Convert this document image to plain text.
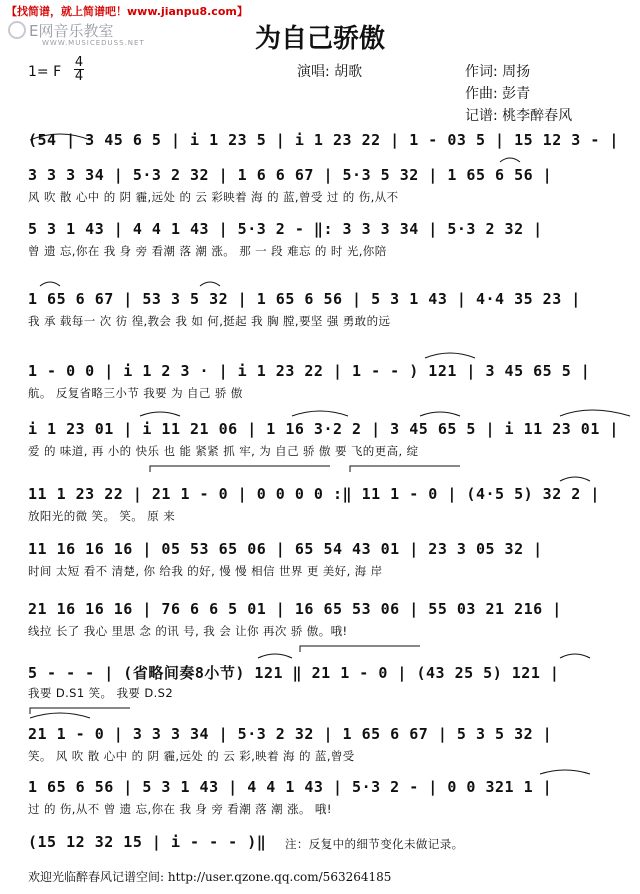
【找简谱，就上简谱吧！www.jianpu8.com】
E网音乐教室
WWW.MUSICEDUSS.NET	为自己骄傲
1= F
4
4	演唱: 胡歌	作词: 周扬
作曲: 彭青
记谱: 桃李醉春风
(54 | 3 45 6 5 | i 1 23 5 | i 1 23 22 | 1 - 03 5 | 15 12 3 - |
3 3 3 34 | 5·3 2 32 | 1 6 6 67 | 5·3 5 32 | 1 65 6 56 |
风 吹 散 心中 的 阴 霾,远处 的 云 彩映着 海 的 蓝,曾受 过 的 伤,从不
5 3 1 43 | 4 4 1 43 | 5·3 2 - ‖: 3 3 3 34 | 5·3 2 32 |
曾 遗 忘,你在 我 身 旁 看潮 落 潮 涨。 那 一 段 难忘 的 时 光,你陪
1 65 6 67 | 53 3 5 32 | 1 65 6 56 | 5 3 1 43 | 4·4 35 23 |
我 承 载每一 次 彷 徨,教会 我 如 何,挺起 我 胸 膛,要坚 强 勇敢的远
1 - 0 0 | i 1 2 3 · | i 1 23 22 | 1 - - ) 121 | 3 45 65 5 |
航。 反复省略三小节 我要 为 自己 骄 傲
i 1 23 01 | i 11 21 06 | 1 16 3·2 2 | 3 45 65 5 | i 11 23 01 |
爱 的 味道, 再 小的 快乐 也 能 紧紧 抓 牢, 为 自己 骄 傲 要 飞的更高, 绽
11 1 23 22 | 21 1 - 0 | 0 0 0 0 :‖ 11 1 - 0 | (4·5 5) 32 2 |
放阳光的微 笑。 笑。 原 来
11 16 16 16 | 05 53 65 06 | 65 54 43 01 | 23 3 05 32 |
时间 太短 看不 清楚, 你 给我 的好, 慢 慢 相信 世界 更 美好, 海 岸
21 16 16 16 | 76 6 6 5 01 | 16 65 53 06 | 55 03 21 216 |
线拉 长了 我心 里思 念 的讯 号, 我 会 让你 再次 骄 傲。哦!
5 - - - | (省略间奏8小节) 121 ‖ 21 1 - 0 | (43 25 5) 121 |
我要 D.S1 笑。 我要 D.S2
21 1 - 0 | 3 3 3 34 | 5·3 2 32 | 1 65 6 67 | 5 3 5 32 |
笑。 风 吹 散 心中 的 阴 霾,远处 的 云 彩,映着 海 的 蓝,曾受
1 65 6 56 | 5 3 1 43 | 4 4 1 43 | 5·3 2 - | 0 0 321 1 |
过 的 伤,从不 曾 遗 忘,你在 我 身 旁 看潮 落 潮 涨。 哦!
(15 12 32 15 | i - - - )‖ 注：反复中的细节变化未做记录。
欢迎光临醉春风记谱空间: http://user.qzone.qq.com/563264185
